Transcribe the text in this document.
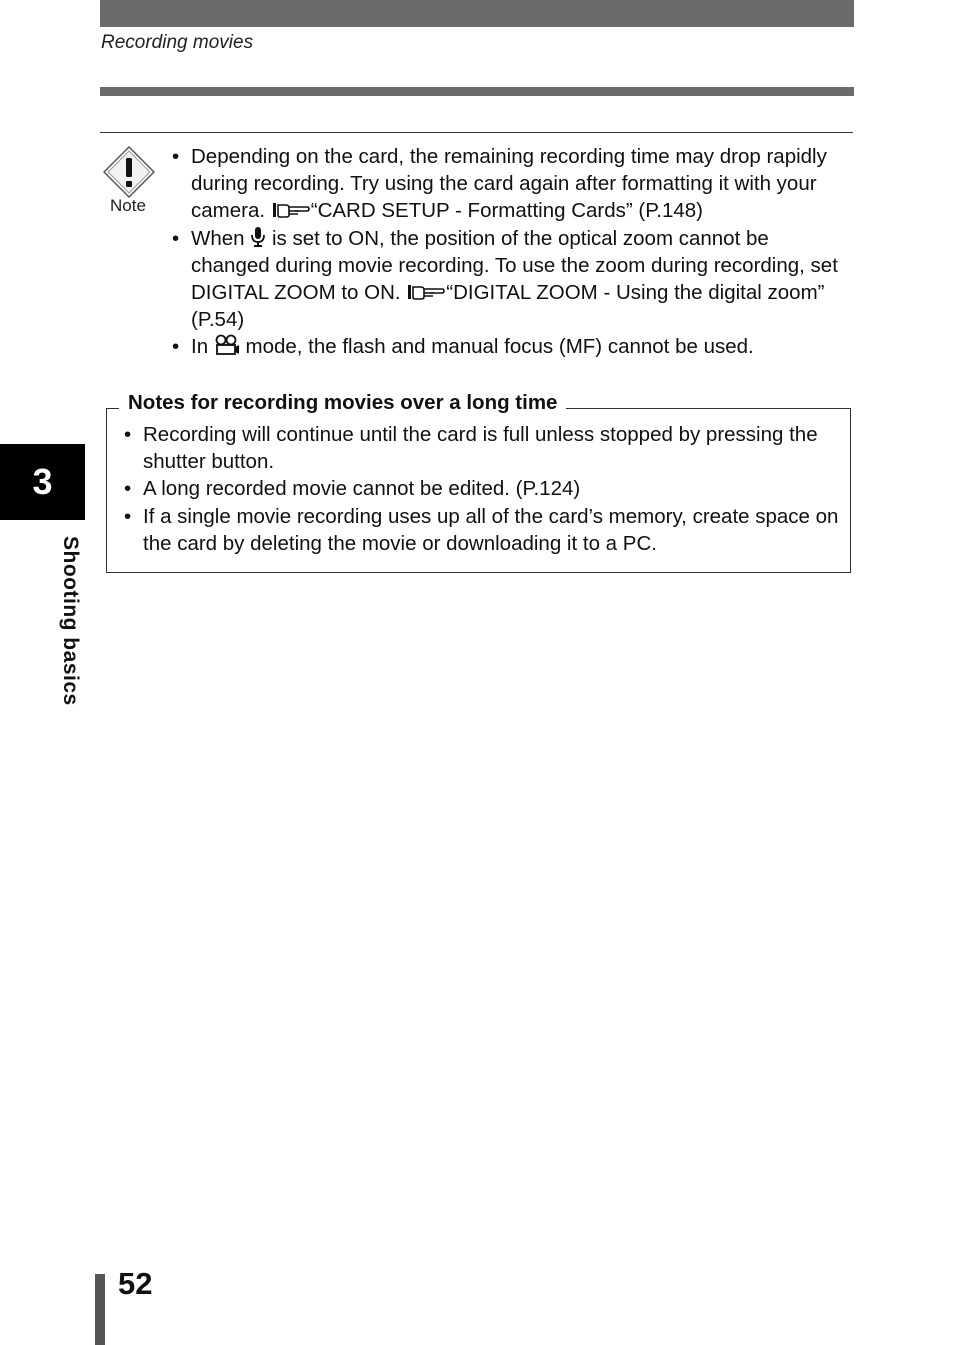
Recording movies
Note
• Depending on the card, the remaining recording time may drop rapidly during recording. Try using the card again after formatting it with your camera. “CARD SETUP - Formatting Cards” (P.148)
• When  is set to ON, the position of the optical zoom cannot be changed during movie recording. To use the zoom during recording, set DIGITAL ZOOM to ON. “DIGITAL ZOOM - Using the digital zoom” (P.54)
• In  mode, the flash and manual focus (MF) cannot be used.
Notes for recording movies over a long time
• Recording will continue until the card is full unless stopped by pressing the shutter button.
• A long recorded movie cannot be edited. (P.124)
• If a single movie recording uses up all of the card’s memory, create space on the card by deleting the movie or downloading it to a PC.
3
Shooting basics
52
